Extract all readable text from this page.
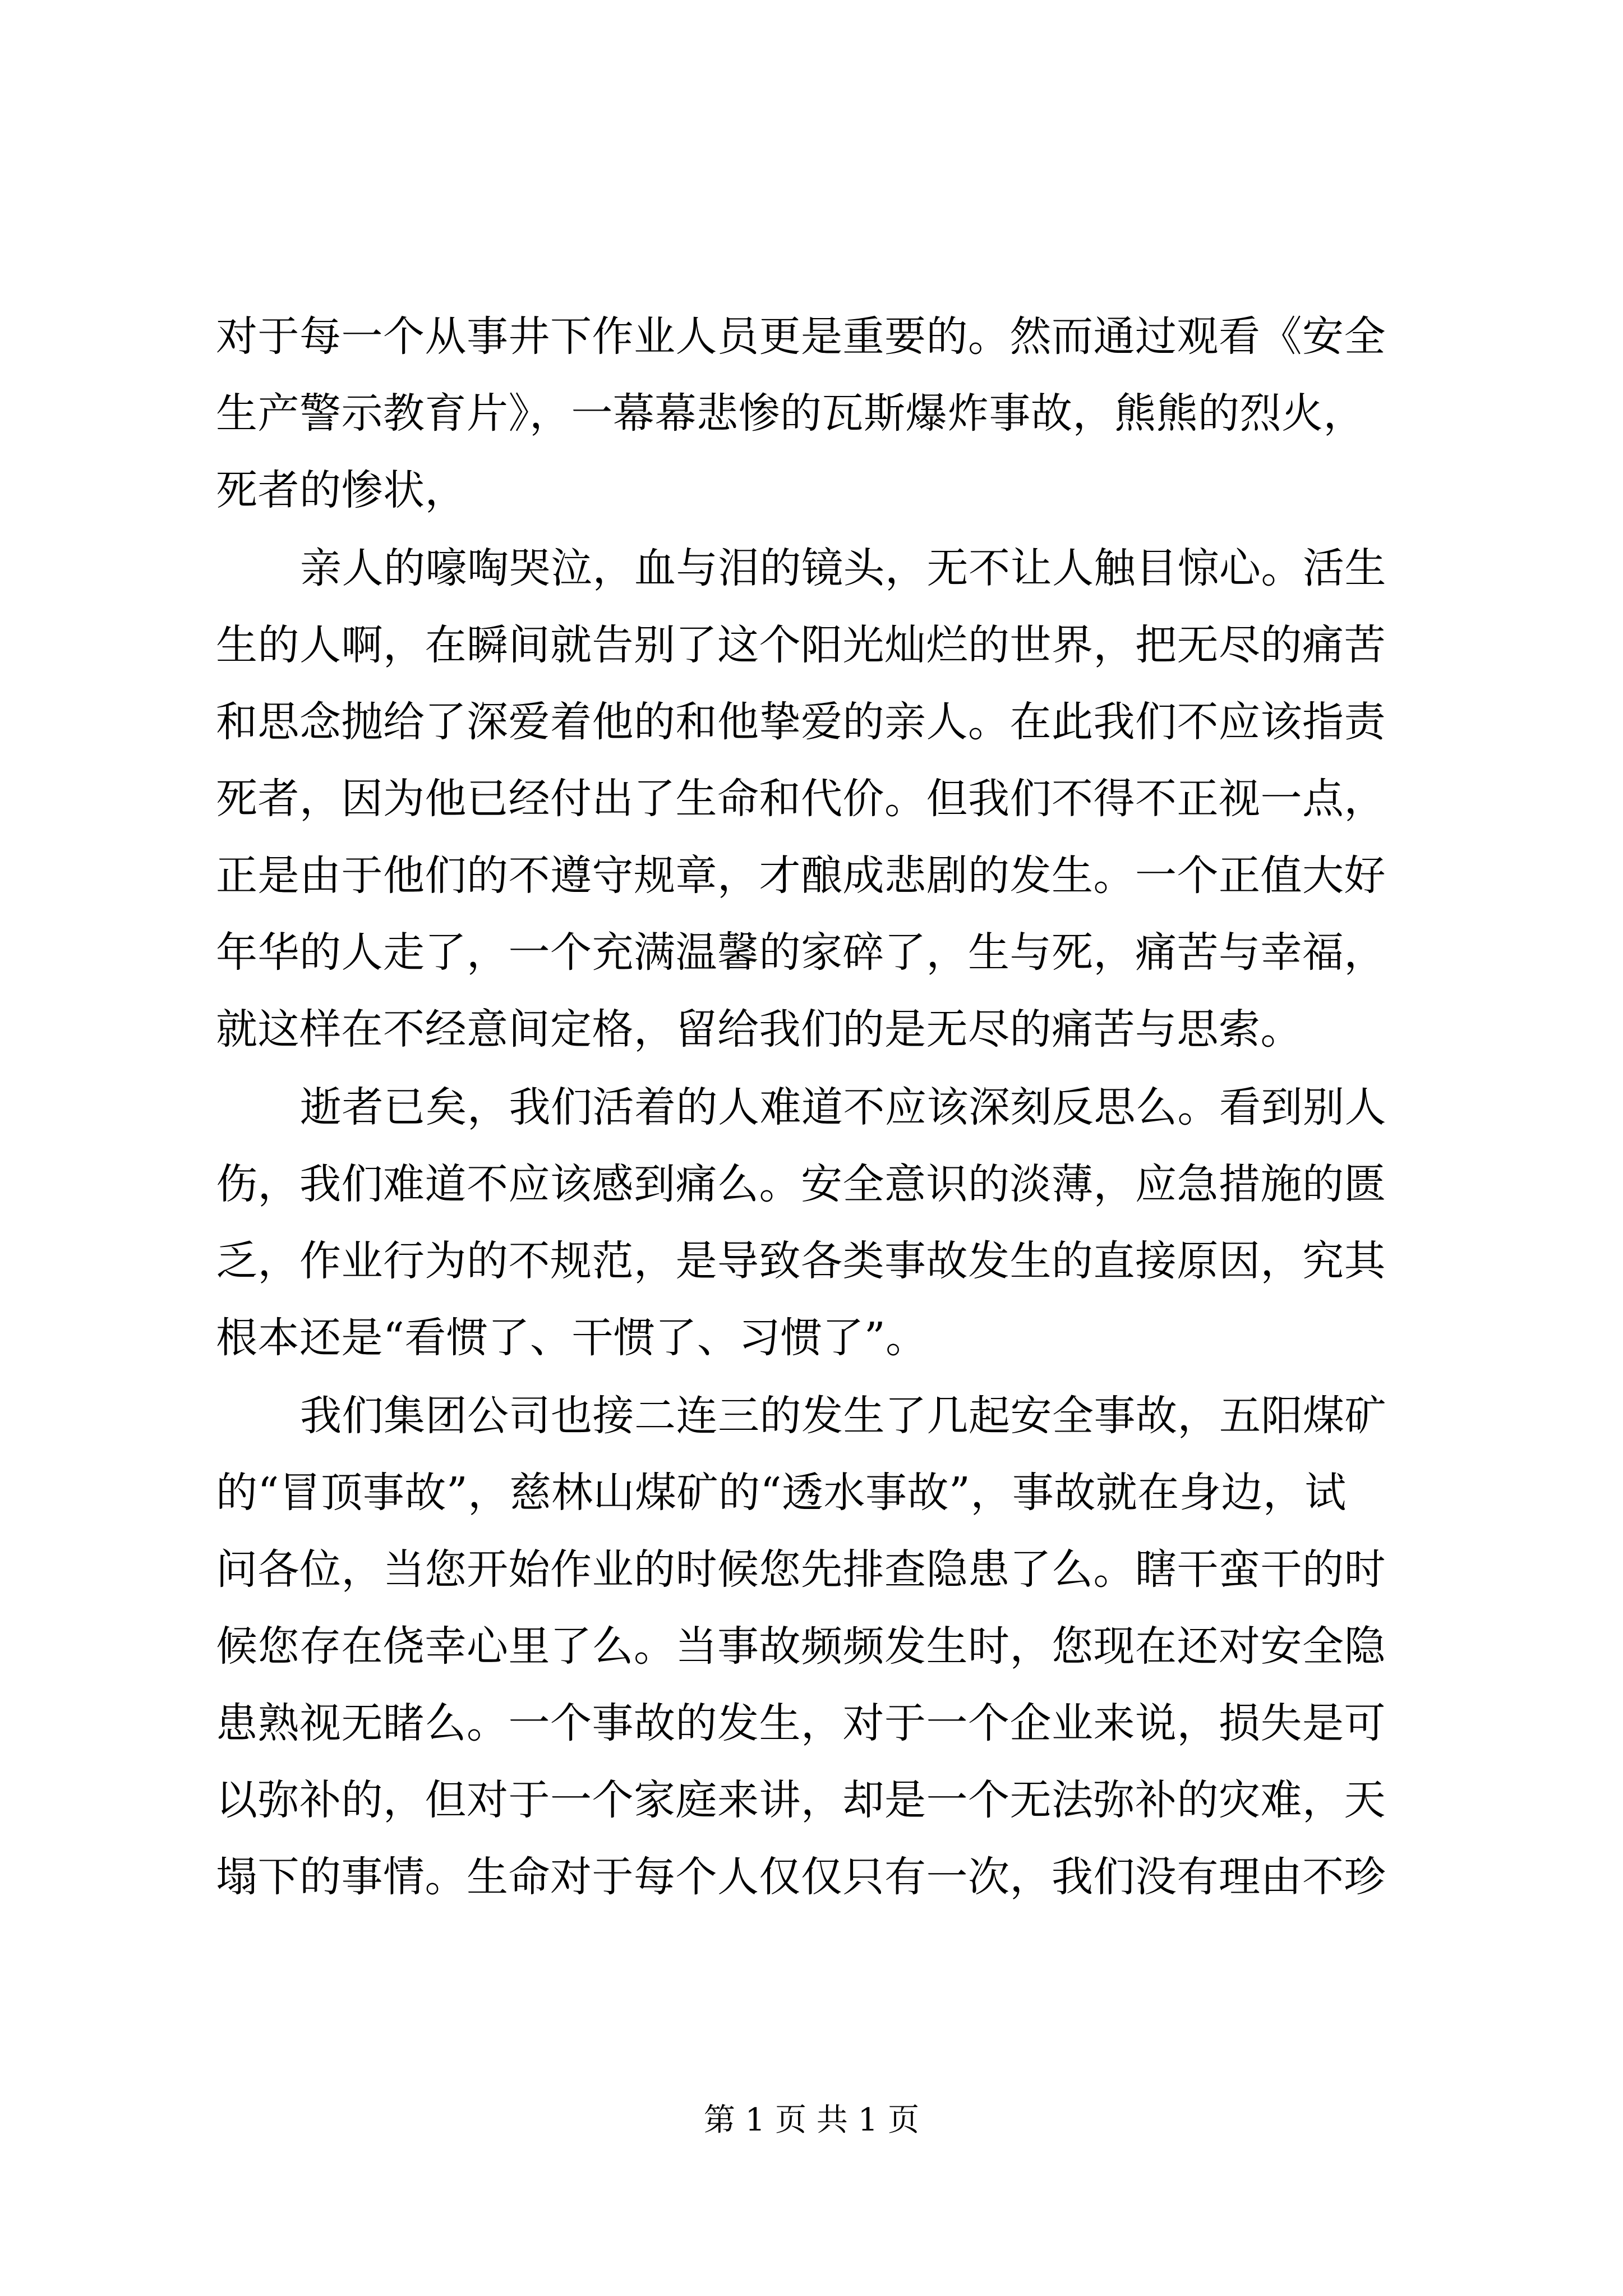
对于每一个从事井下作业人员更是重要的。然而通过观看《安全
生产警示教育片》，一幕幕悲惨的瓦斯爆炸事故，熊熊的烈火，
死者的惨状，
亲人的嚎啕哭泣，血与泪的镜头，无不让人触目惊心。活生
生的人啊，在瞬间就告别了这个阳光灿烂的世界，把无尽的痛苦
和思念抛给了深爱着他的和他挚爱的亲人。在此我们不应该指责
死者，因为他已经付出了生命和代价。但我们不得不正视一点，
正是由于他们的不遵守规章，才酿成悲剧的发生。一个正值大好
年华的人走了，一个充满温馨的家碎了，生与死，痛苦与幸福，
就这样在不经意间定格，留给我们的是无尽的痛苦与思索。
逝者已矣，我们活着的人难道不应该深刻反思么。看到别人
伤，我们难道不应该感到痛么。安全意识的淡薄，应急措施的匮
乏，作业行为的不规范，是导致各类事故发生的直接原因，究其
根本还是“看惯了、干惯了、习惯了”。
我们集团公司也接二连三的发生了几起安全事故，五阳煤矿
的“冒顶事故”，慈林山煤矿的“透水事故”，事故就在身边，试
问各位，当您开始作业的时候您先排查隐患了么。瞎干蛮干的时
候您存在侥幸心里了么。当事故频频发生时，您现在还对安全隐
患熟视无睹么。一个事故的发生，对于一个企业来说，损失是可
以弥补的，但对于一个家庭来讲，却是一个无法弥补的灾难，天
塌下的事情。生命对于每个人仅仅只有一次，我们没有理由不珍
第 1 页 共 1 页
